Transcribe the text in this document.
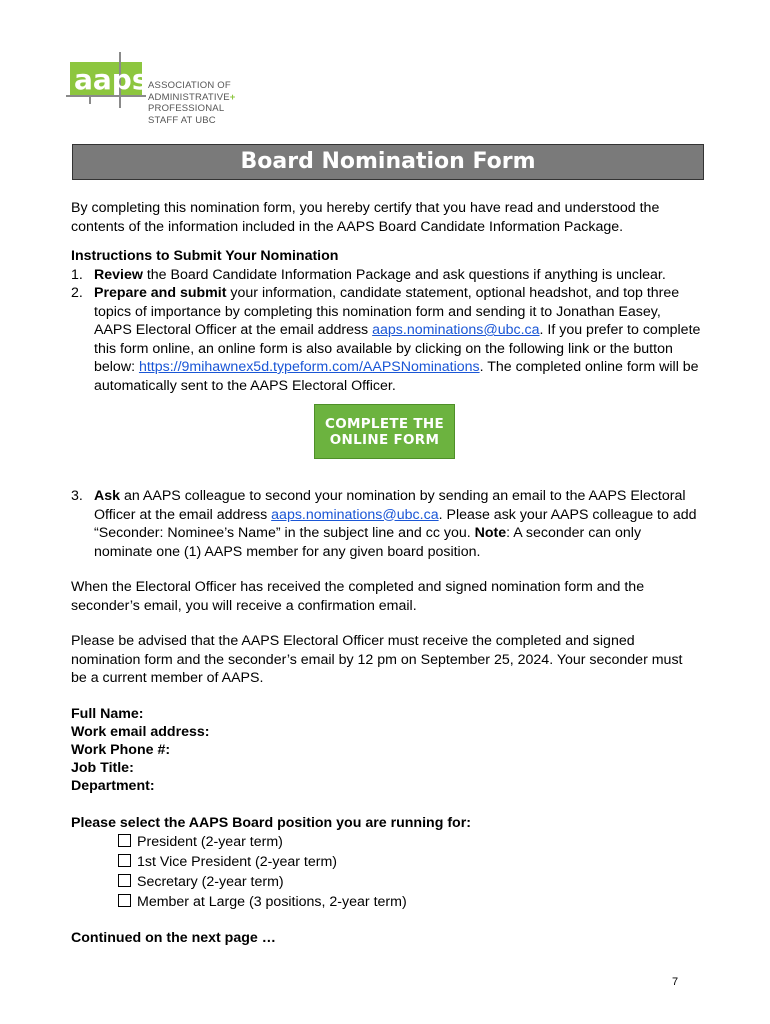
aaps ASSOCIATION OF
ADMINISTRATIVE+
PROFESSIONAL
STAFF AT UBC
Board Nomination Form

By completing this nomination form, you hereby certify that you have read and understood the contents of the information included in the AAPS Board Candidate Information Package.

Instructions to Submit Your Nomination

1. Review the Board Candidate Information Package and ask questions if anything is unclear.
2. Prepare and submit your information, candidate statement, optional headshot, and top three topics of importance by completing this nomination form and sending it to Jonathan Easey, AAPS Electoral Officer at the email address aaps.nominations@ubc.ca. If you prefer to complete this form online, an online form is also available by clicking on the following link or the button below: https://9mihawnex5d.typeform.com/AAPSNominations. The completed online form will be automatically sent to the AAPS Electoral Officer.
COMPLETE THE
ONLINE FORM
3. Ask an AAPS colleague to second your nomination by sending an email to the AAPS Electoral Officer at the email address aaps.nominations@ubc.ca. Please ask your AAPS colleague to add “Seconder: Nominee’s Name” in the subject line and cc you. Note: A seconder can only nominate one (1) AAPS member for any given board position.

When the Electoral Officer has received the completed and signed nomination form and the seconder’s email, you will receive a confirmation email.

Please be advised that the AAPS Electoral Officer must receive the completed and signed nomination form and the seconder’s email by 12 pm on September 25, 2024. Your seconder must be a current member of AAPS.

Full Name:
Work email address:
Work Phone #:
Job Title:
Department:

Please select the AAPS Board position you are running for:

President (2-year term)
1st Vice President (2-year term)
Secretary (2-year term)
Member at Large (3 positions, 2-year term)

Continued on the next page …

7
